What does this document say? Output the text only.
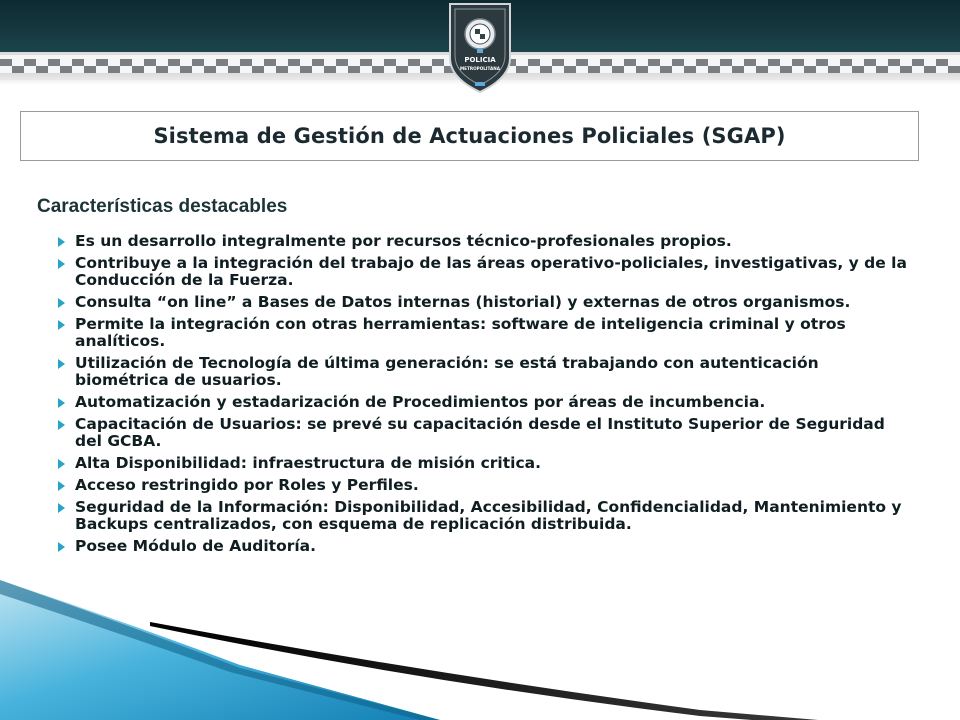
POLICIA
METROPOLITANA
Sistema de Gestión de Actuaciones Policiales (SGAP)
Características destacables
Es un desarrollo integralmente por recursos técnico-profesionales propios.
Contribuye a la integración del trabajo de las áreas operativo-policiales, investigativas, y de la Conducción de la Fuerza.
Consulta “on line” a Bases de Datos internas (historial) y externas de otros organismos.
Permite la integración con otras herramientas: software de inteligencia criminal y otros analíticos.
Utilización de Tecnología de última generación: se está trabajando con autenticación biométrica de usuarios.
Automatización y estadarización de Procedimientos por áreas de incumbencia.
Capacitación de Usuarios: se prevé su capacitación desde el Instituto Superior de Seguridad del GCBA.
Alta Disponibilidad: infraestructura de misión critica.
Acceso restringido por Roles y Perfiles.
Seguridad de la Información: Disponibilidad, Accesibilidad, Confidencialidad, Mantenimiento y Backups centralizados, con esquema de replicación distribuida.
Posee Módulo de Auditoría.
